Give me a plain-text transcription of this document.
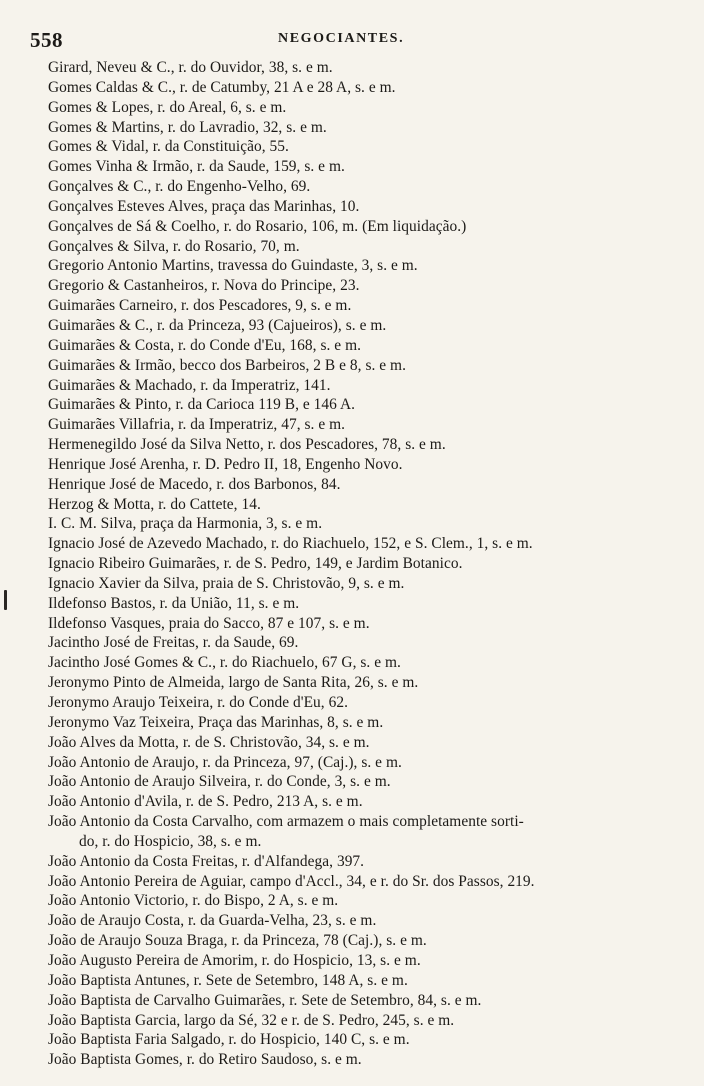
558	NEGOCIANTES.
Girard, Neveu & C., r. do Ouvidor, 38, s. e m.
Gomes Caldas & C., r. de Catumby, 21 A e 28 A, s. e m.
Gomes & Lopes, r. do Areal, 6, s. e m.
Gomes & Martins, r. do Lavradio, 32, s. e m.
Gomes & Vidal, r. da Constituição, 55.
Gomes Vinha & Irmão, r. da Saude, 159, s. e m.
Gonçalves & C., r. do Engenho-Velho, 69.
Gonçalves Esteves Alves, praça das Marinhas, 10.
Gonçalves de Sá & Coelho, r. do Rosario, 106, m. (Em liquidação.)
Gonçalves & Silva, r. do Rosario, 70, m.
Gregorio Antonio Martins, travessa do Guindaste, 3, s. e m.
Gregorio & Castanheiros, r. Nova do Principe, 23.
Guimarães Carneiro, r. dos Pescadores, 9, s. e m.
Guimarães & C., r. da Princeza, 93 (Cajueiros), s. e m.
Guimarães & Costa, r. do Conde d'Eu, 168, s. e m.
Guimarães & Irmão, becco dos Barbeiros, 2 B e 8, s. e m.
Guimarães & Machado, r. da Imperatriz, 141.
Guimarães & Pinto, r. da Carioca 119 B, e 146 A.
Guimarães Villafria, r. da Imperatriz, 47, s. e m.
Hermenegildo José da Silva Netto, r. dos Pescadores, 78, s. e m.
Henrique José Arenha, r. D. Pedro II, 18, Engenho Novo.
Henrique José de Macedo, r. dos Barbonos, 84.
Herzog & Motta, r. do Cattete, 14.
I. C. M. Silva, praça da Harmonia, 3, s. e m.
Ignacio José de Azevedo Machado, r. do Riachuelo, 152, e S. Clem., 1, s. e m.
Ignacio Ribeiro Guimarães, r. de S. Pedro, 149, e Jardim Botanico.
Ignacio Xavier da Silva, praia de S. Christovão, 9, s. e m.
Ildefonso Bastos, r. da União, 11, s. e m.
Ildefonso Vasques, praia do Sacco, 87 e 107, s. e m.
Jacintho José de Freitas, r. da Saude, 69.
Jacintho José Gomes & C., r. do Riachuelo, 67 G, s. e m.
Jeronymo Pinto de Almeida, largo de Santa Rita, 26, s. e m.
Jeronymo Araujo Teixeira, r. do Conde d'Eu, 62.
Jeronymo Vaz Teixeira, Praça das Marinhas, 8, s. e m.
João Alves da Motta, r. de S. Christovão, 34, s. e m.
João Antonio de Araujo, r. da Princeza, 97, (Caj.), s. e m.
João Antonio de Araujo Silveira, r. do Conde, 3, s. e m.
João Antonio d'Avila, r. de S. Pedro, 213 A, s. e m.
João Antonio da Costa Carvalho, com armazem o mais completamente sorti-
do, r. do Hospicio, 38, s. e m.
João Antonio da Costa Freitas, r. d'Alfandega, 397.
João Antonio Pereira de Aguiar, campo d'Accl., 34, e r. do Sr. dos Passos, 219.
João Antonio Victorio, r. do Bispo, 2 A, s. e m.
João de Araujo Costa, r. da Guarda-Velha, 23, s. e m.
João de Araujo Souza Braga, r. da Princeza, 78 (Caj.), s. e m.
João Augusto Pereira de Amorim, r. do Hospicio, 13, s. e m.
João Baptista Antunes, r. Sete de Setembro, 148 A, s. e m.
João Baptista de Carvalho Guimarães, r. Sete de Setembro, 84, s. e m.
João Baptista Garcia, largo da Sé, 32 e r. de S. Pedro, 245, s. e m.
João Baptista Faria Salgado, r. do Hospicio, 140 C, s. e m.
João Baptista Gomes, r. do Retiro Saudoso, s. e m.
